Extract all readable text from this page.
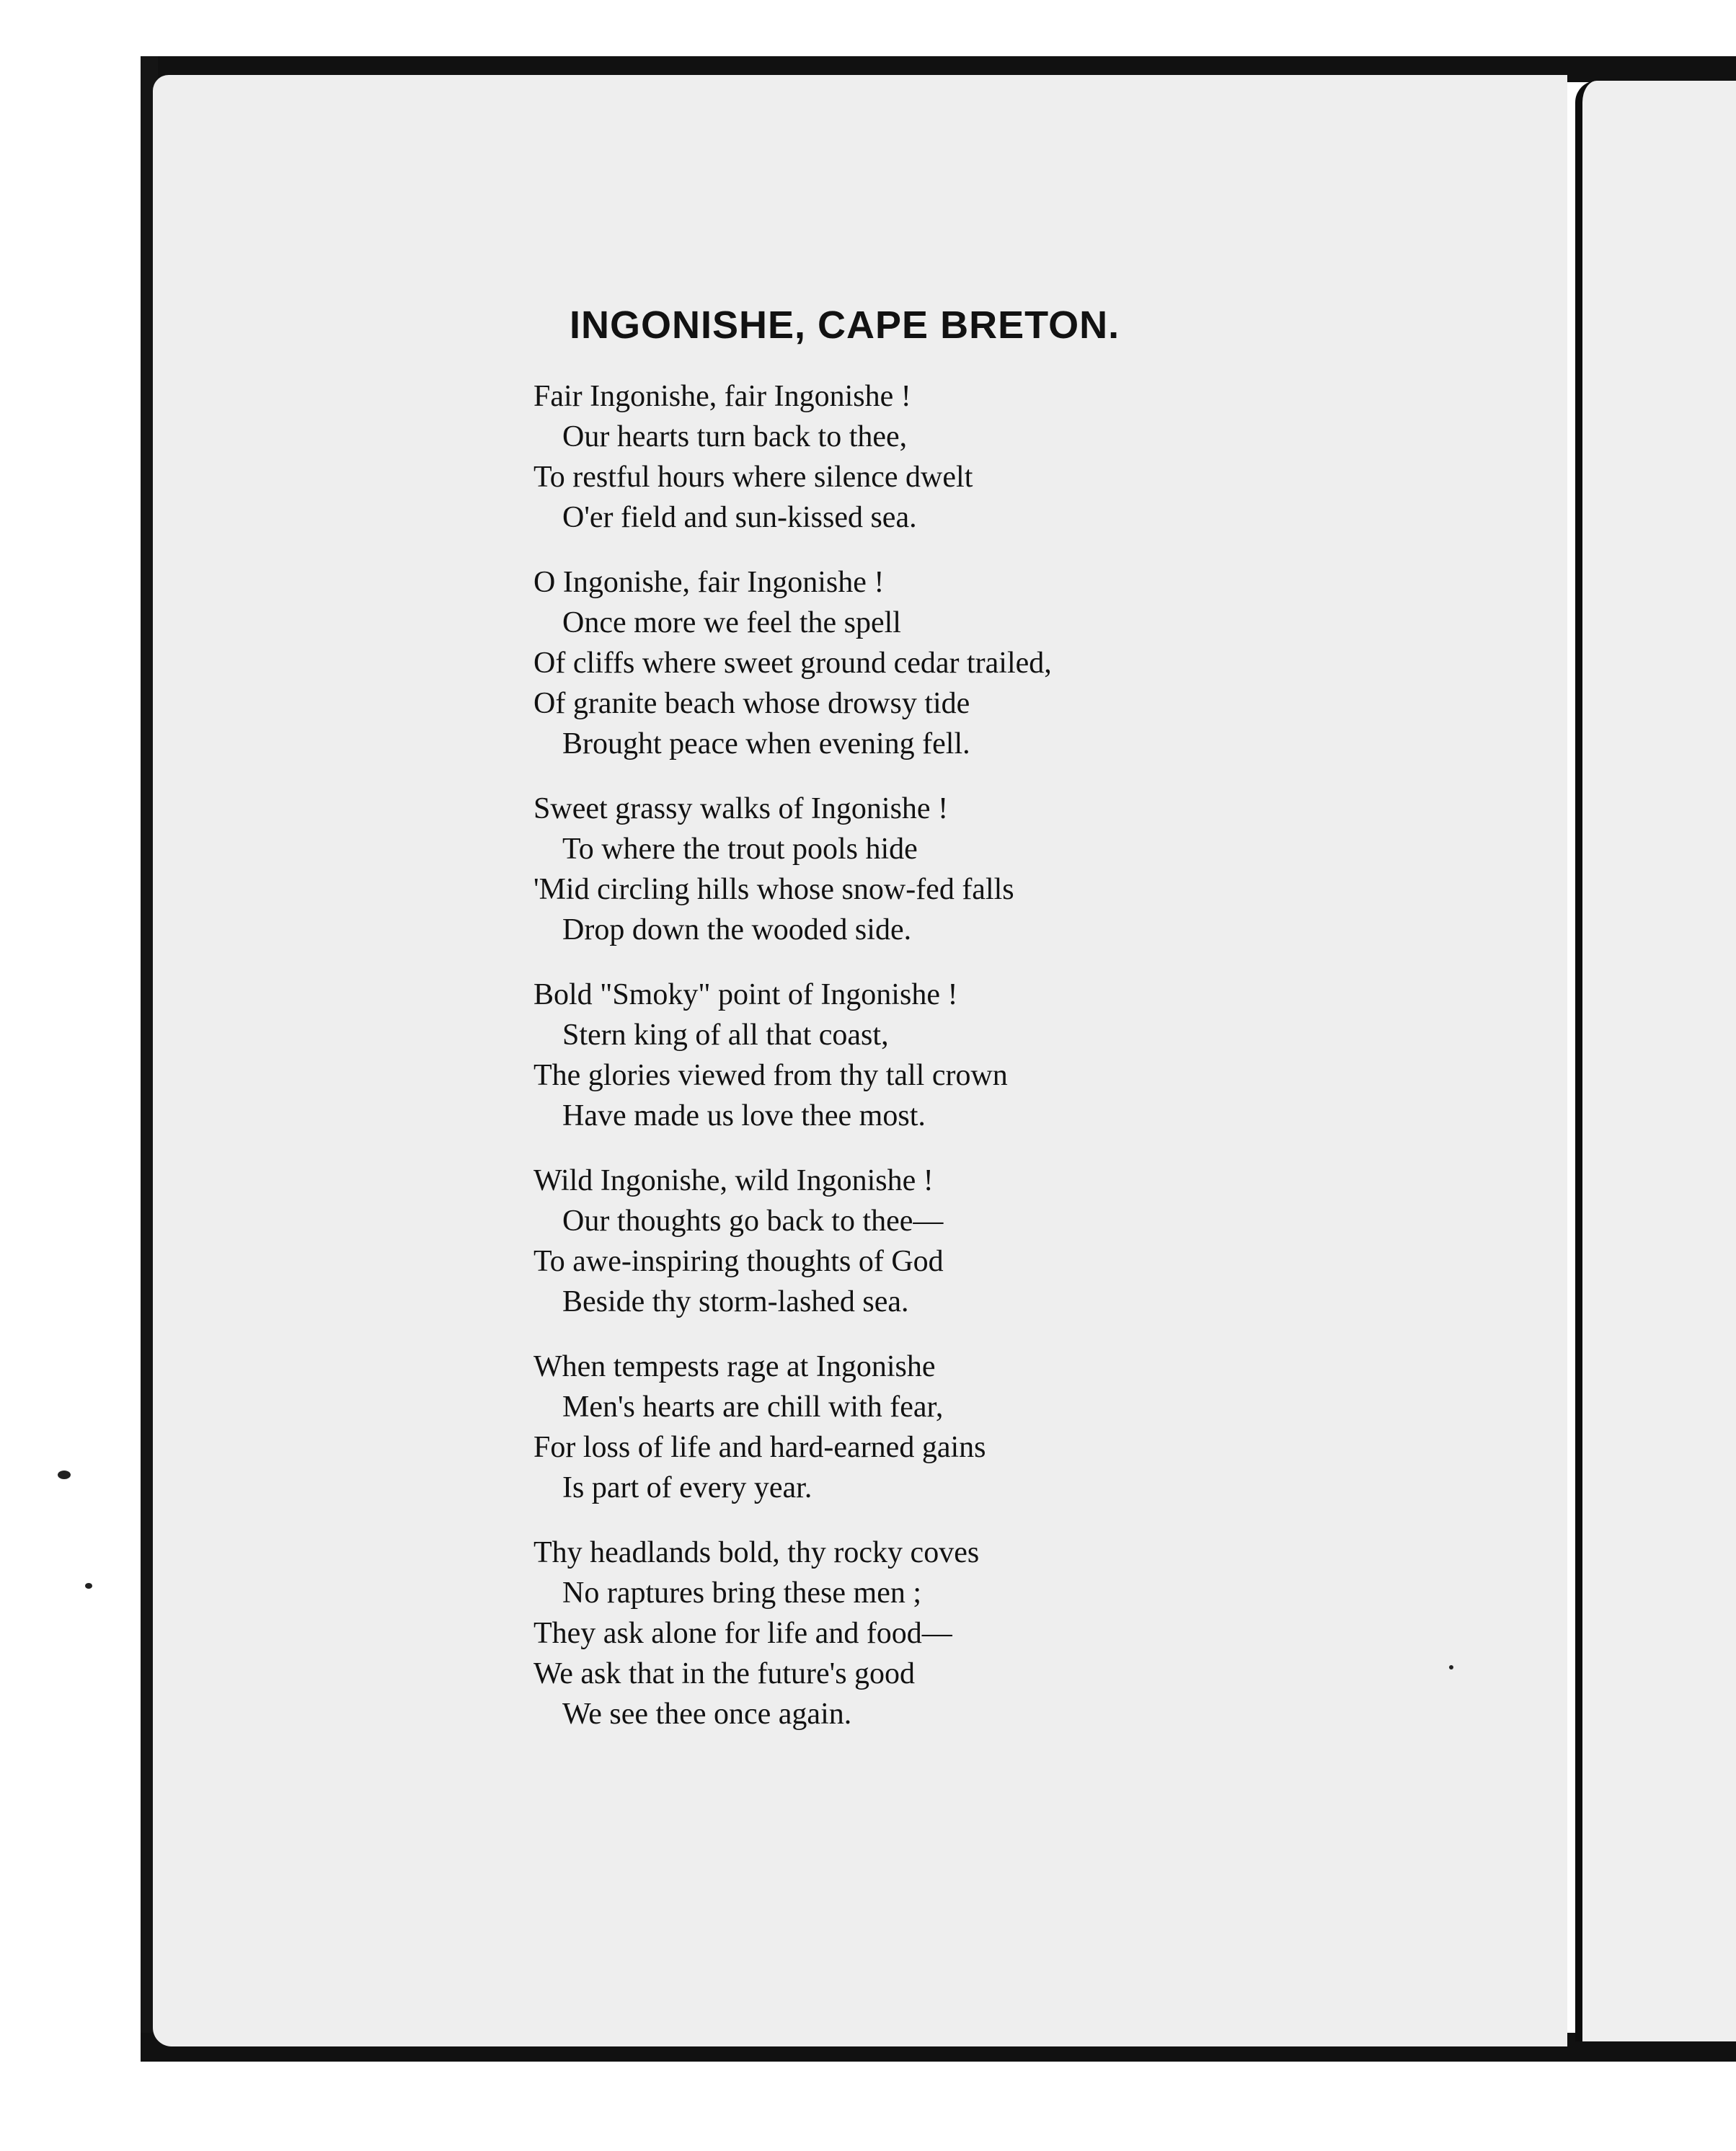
INGONISHE, CAPE BRETON.
Fair Ingonishe, fair Ingonishe !
Our hearts turn back to thee,
To restful hours where silence dwelt
O'er field and sun-kissed sea.
O Ingonishe, fair Ingonishe !
Once more we feel the spell
Of cliffs where sweet ground cedar trailed,
Of granite beach whose drowsy tide
Brought peace when evening fell.
Sweet grassy walks of Ingonishe !
To where the trout pools hide
'Mid circling hills whose snow-fed falls
Drop down the wooded side.
Bold "Smoky" point of Ingonishe !
Stern king of all that coast,
The glories viewed from thy tall crown
Have made us love thee most.
Wild Ingonishe, wild Ingonishe !
Our thoughts go back to thee—
To awe-inspiring thoughts of God
Beside thy storm-lashed sea.
When tempests rage at Ingonishe
Men's hearts are chill with fear,
For loss of life and hard-earned gains
Is part of every year.
Thy headlands bold, thy rocky coves
No raptures bring these men ;
They ask alone for life and food—
We ask that in the future's good
We see thee once again.
